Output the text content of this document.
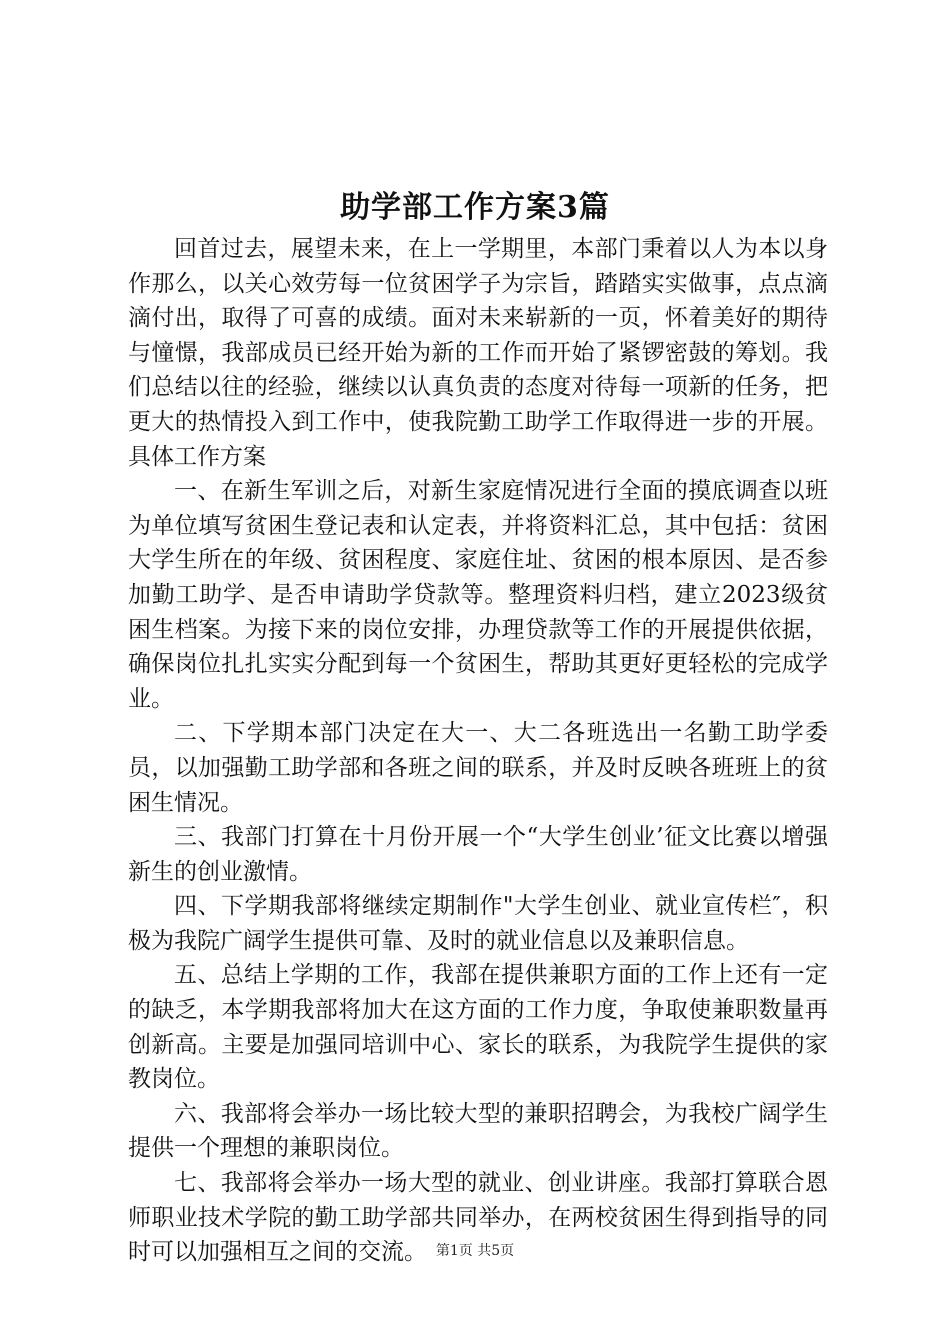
助学部工作方案3篇

回首过去，展望未来，在上一学期里，本部门秉着以人为本以身作那么，以关心效劳每一位贫困学子为宗旨，踏踏实实做事，点点滴滴付出，取得了可喜的成绩。面对未来崭新的一页，怀着美好的期待与憧憬，我部成员已经开始为新的工作而开始了紧锣密鼓的筹划。我们总结以往的经验，继续以认真负责的态度对待每一项新的任务，把更大的热情投入到工作中，使我院勤工助学工作取得进一步的开展。具体工作方案

一、在新生军训之后，对新生家庭情况进行全面的摸底调查以班为单位填写贫困生登记表和认定表，并将资料汇总，其中包括：贫困大学生所在的年级、贫困程度、家庭住址、贫困的根本原因、是否参加勤工助学、是否申请助学贷款等。整理资料归档，建立2023级贫困生档案。为接下来的岗位安排，办理贷款等工作的开展提供依据，确保岗位扎扎实实分配到每一个贫困生，帮助其更好更轻松的完成学业。

二、下学期本部门决定在大一、大二各班选出一名勤工助学委员，以加强勤工助学部和各班之间的联系，并及时反映各班班上的贫困生情况。

三、我部门打算在十月份开展一个“大学生创业’征文比赛以增强新生的创业激情。

四、下学期我部将继续定期制作"大学生创业、就业宣传栏″，积极为我院广阔学生提供可靠、及时的就业信息以及兼职信息。

五、总结上学期的工作，我部在提供兼职方面的工作上还有一定的缺乏，本学期我部将加大在这方面的工作力度，争取使兼职数量再创新高。主要是加强同培训中心、家长的联系，为我院学生提供的家教岗位。

六、我部将会举办一场比较大型的兼职招聘会，为我校广阔学生提供一个理想的兼职岗位。

七、我部将会举办一场大型的就业、创业讲座。我部打算联合恩师职业技术学院的勤工助学部共同举办，在两校贫困生得到指导的同时可以加强相互之间的交流。 第1页 共5页
